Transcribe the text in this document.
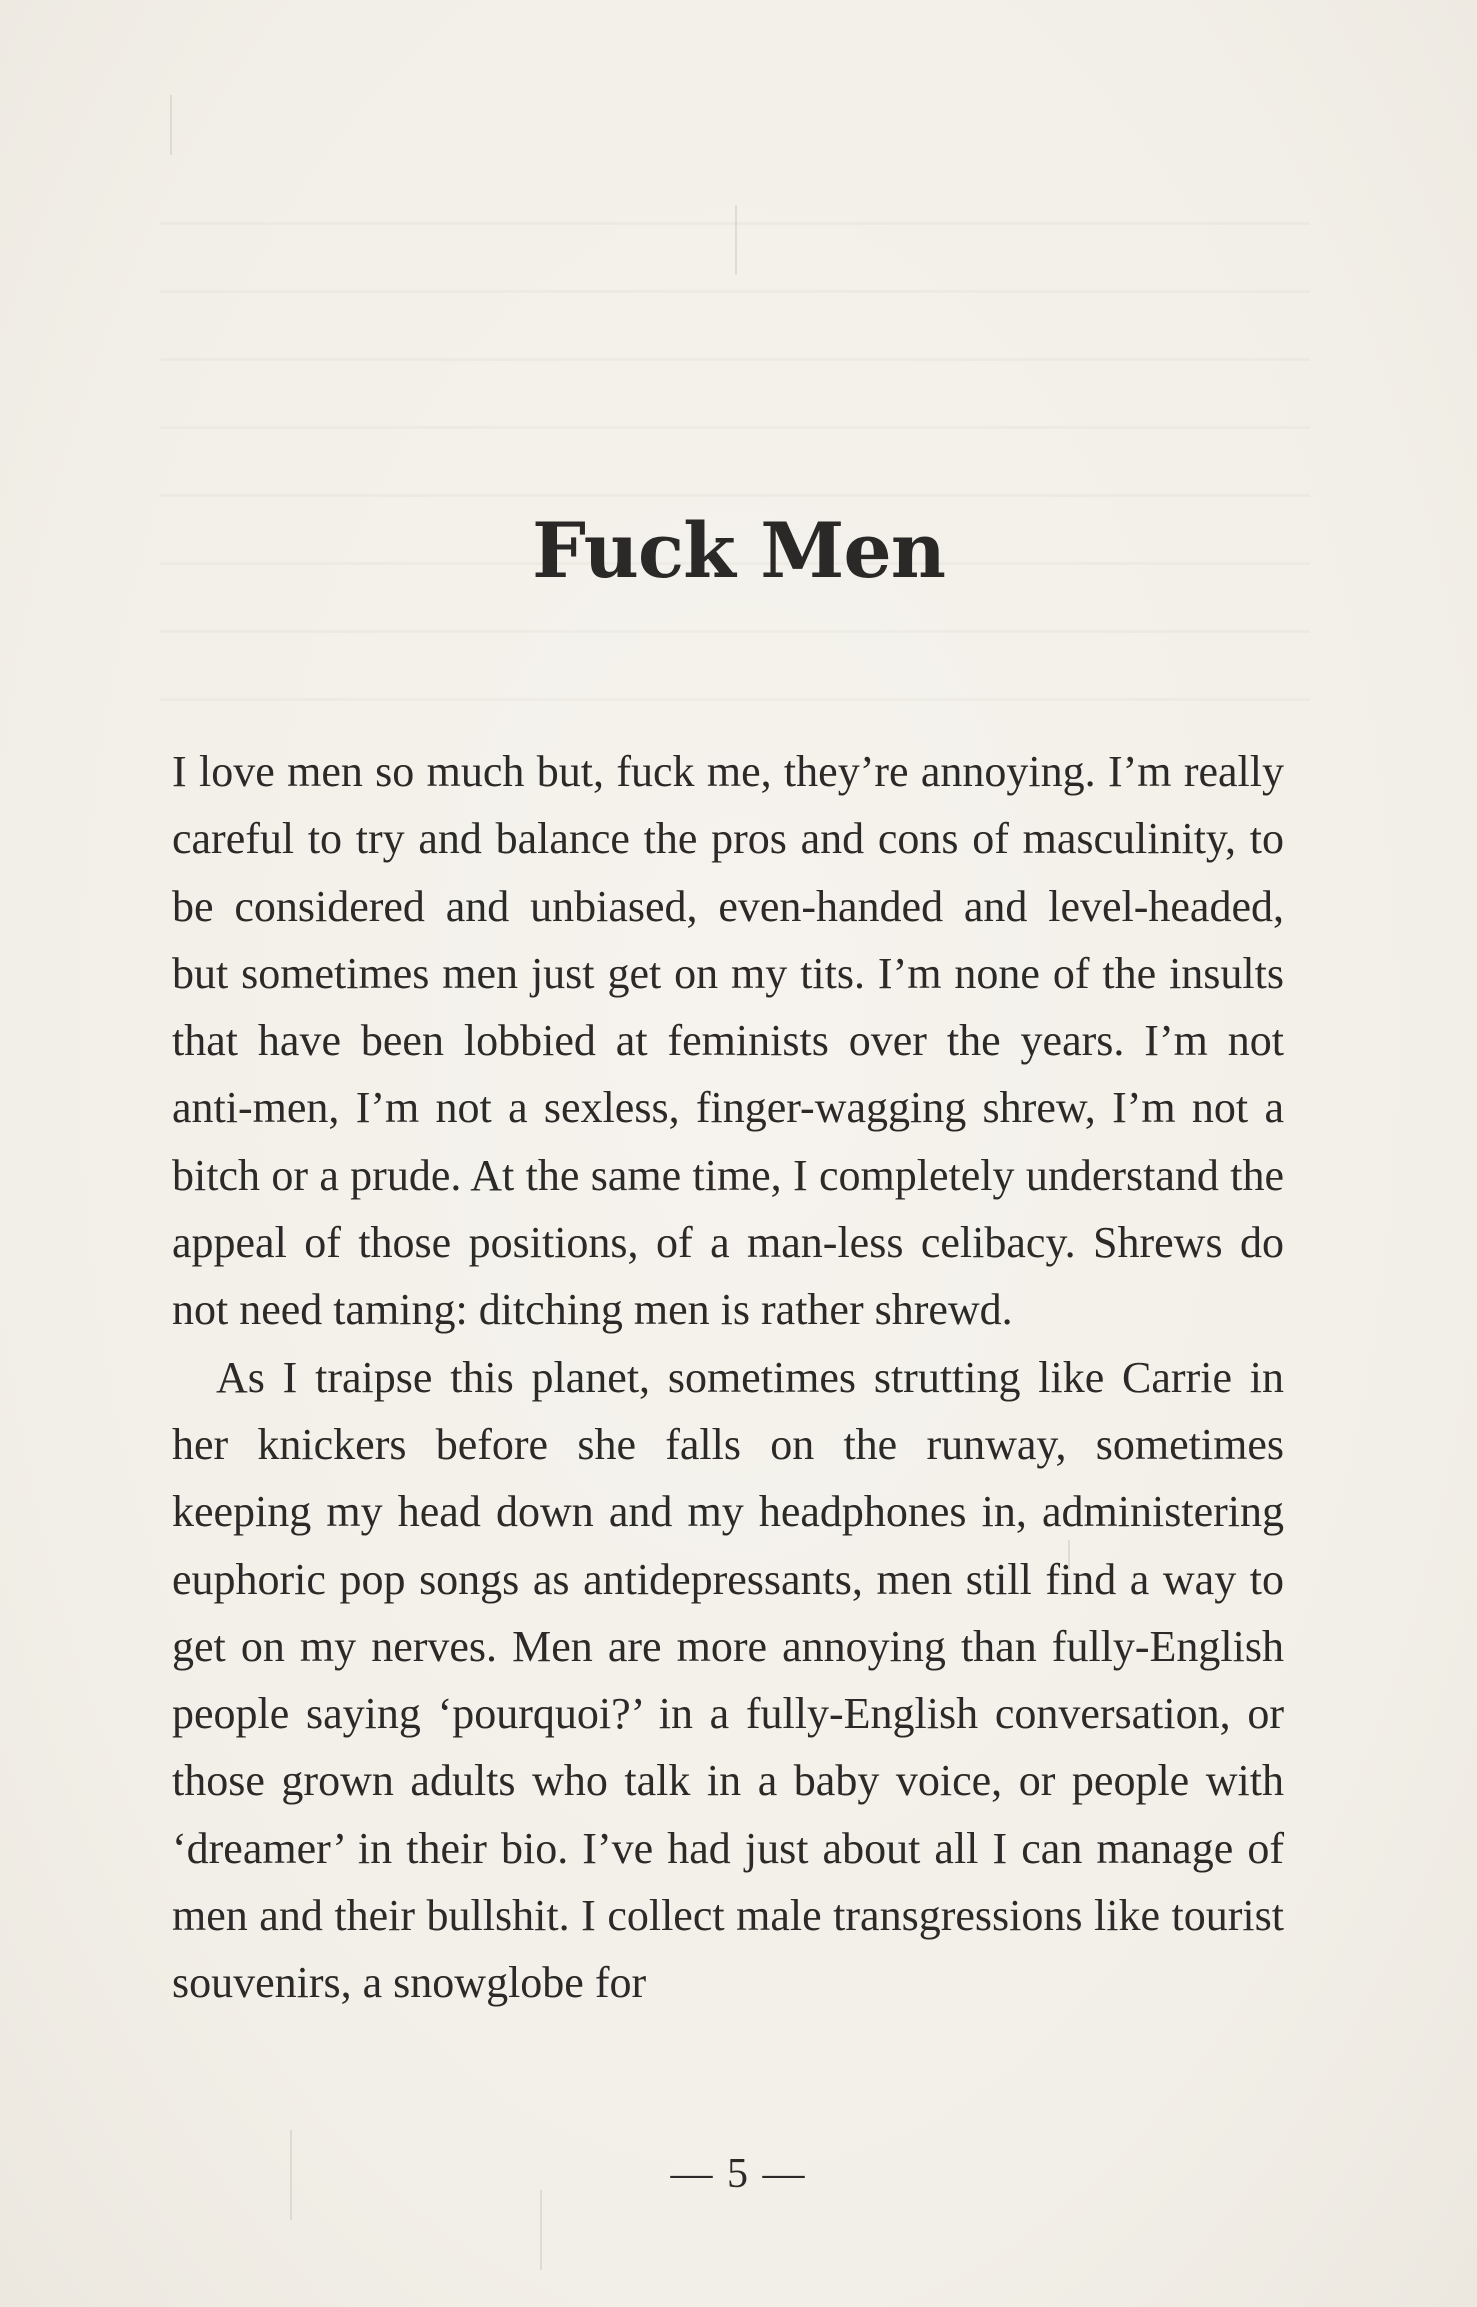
Fuck Men

I love men so much but, fuck me, they’re annoying. I’m really careful to try and balance the pros and cons of masculinity, to be considered and unbiased, even-handed and level-headed, but sometimes men just get on my tits. I’m none of the insults that have been lobbied at feminists over the years. I’m not anti-men, I’m not a sexless, finger-wagging shrew, I’m not a bitch or a prude. At the same time, I completely understand the appeal of those positions, of a man-less celibacy. Shrews do not need taming: ditching men is rather shrewd.

As I traipse this planet, sometimes strutting like Carrie in her knickers before she falls on the runway, sometimes keeping my head down and my headphones in, administering euphoric pop songs as antidepressants, men still find a way to get on my nerves. Men are more annoying than fully-English people saying ‘pourquoi?’ in a fully-English conversation, or those grown adults who talk in a baby voice, or people with ‘dreamer’ in their bio. I’ve had just about all I can manage of men and their bullshit. I collect male transgressions like tourist souvenirs, a snowglobe for

— 5 —
